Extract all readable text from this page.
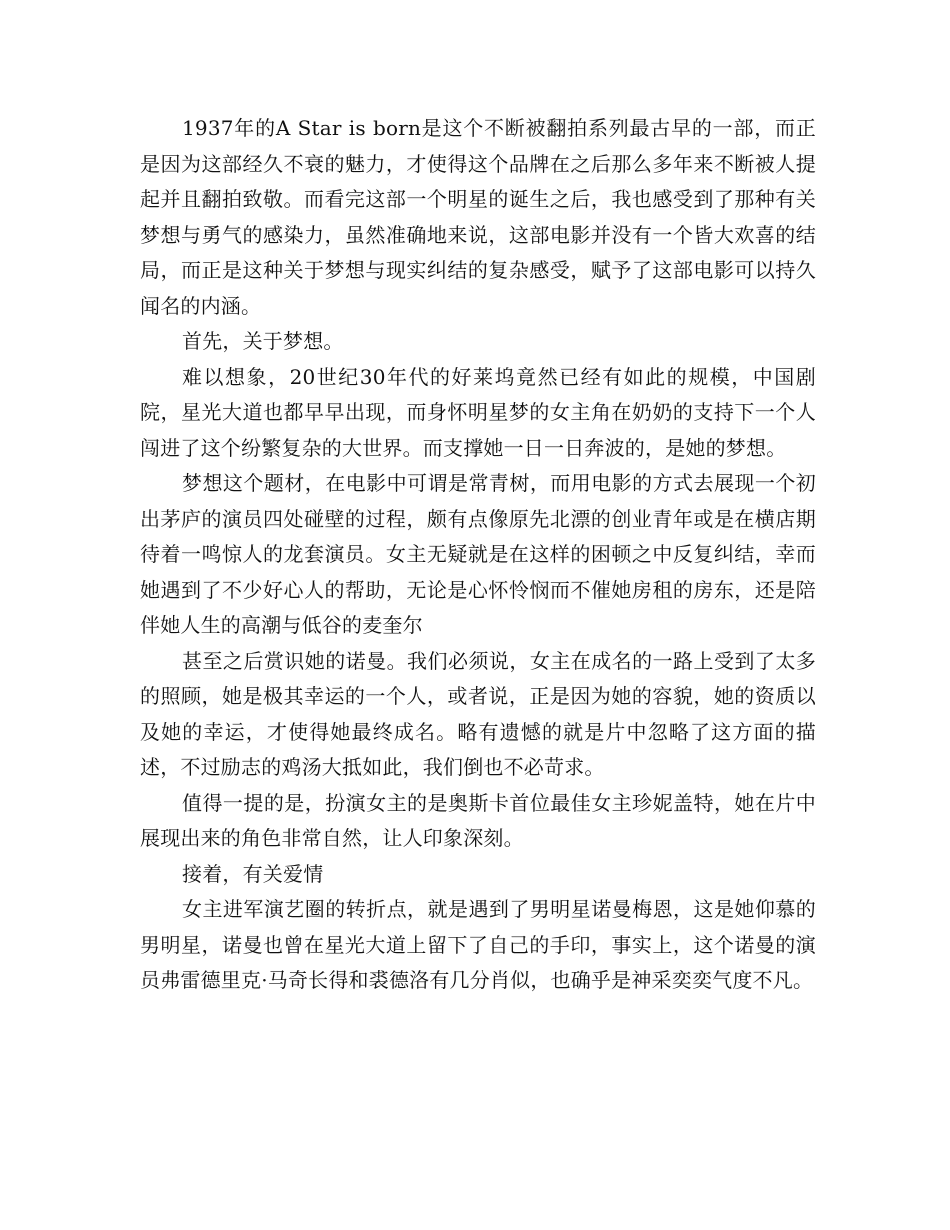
1937年的A Star is born是这个不断被翻拍系列最古早的一部，而正是因为这部经久不衰的魅力，才使得这个品牌在之后那么多年来不断被人提起并且翻拍致敬。而看完这部一个明星的诞生之后，我也感受到了那种有关梦想与勇气的感染力，虽然准确地来说，这部电影并没有一个皆大欢喜的结局，而正是这种关于梦想与现实纠结的复杂感受，赋予了这部电影可以持久闻名的内涵。

首先，关于梦想。

难以想象，20世纪30年代的好莱坞竟然已经有如此的规模，中国剧院，星光大道也都早早出现，而身怀明星梦的女主角在奶奶的支持下一个人闯进了这个纷繁复杂的大世界。而支撑她一日一日奔波的，是她的梦想。

梦想这个题材，在电影中可谓是常青树，而用电影的方式去展现一个初出茅庐的演员四处碰壁的过程，颇有点像原先北漂的创业青年或是在横店期待着一鸣惊人的龙套演员。女主无疑就是在这样的困顿之中反复纠结，幸而她遇到了不少好心人的帮助，无论是心怀怜悯而不催她房租的房东，还是陪伴她人生的高潮与低谷的麦奎尔

甚至之后赏识她的诺曼。我们必须说，女主在成名的一路上受到了太多的照顾，她是极其幸运的一个人，或者说，正是因为她的容貌，她的资质以及她的幸运，才使得她最终成名。略有遗憾的就是片中忽略了这方面的描述，不过励志的鸡汤大抵如此，我们倒也不必苛求。

值得一提的是，扮演女主的是奥斯卡首位最佳女主珍妮盖特，她在片中展现出来的角色非常自然，让人印象深刻。

接着，有关爱情

女主进军演艺圈的转折点，就是遇到了男明星诺曼梅恩，这是她仰慕的男明星，诺曼也曾在星光大道上留下了自己的手印，事实上，这个诺曼的演员弗雷德里克·马奇长得和裘德洛有几分肖似，也确乎是神采奕奕气度不凡。
